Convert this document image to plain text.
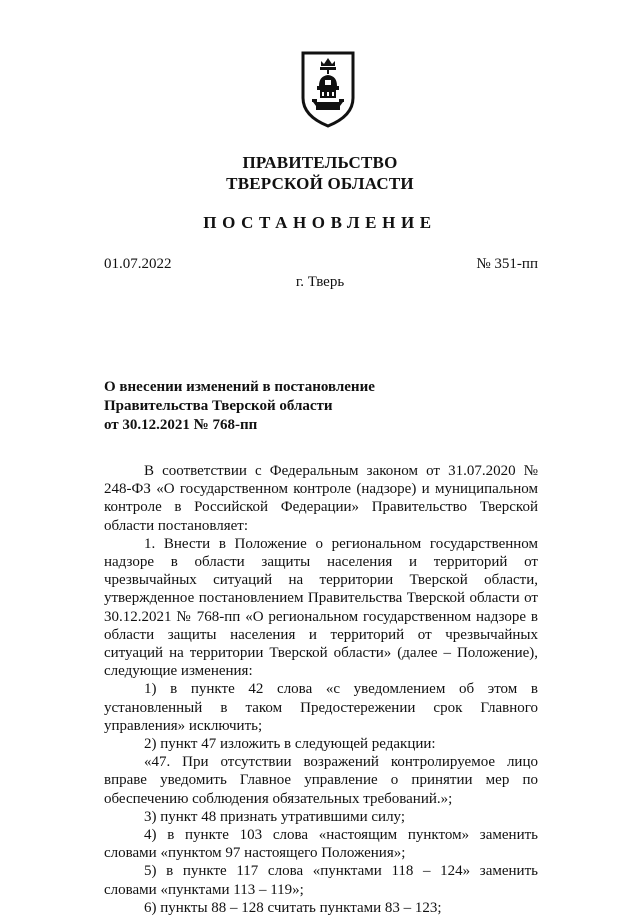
ПРАВИТЕЛЬСТВО
ТВЕРСКОЙ ОБЛАСТИ
ПОСТАНОВЛЕНИЕ
01.07.2022	№ 351-пп
г. Тверь
О внесении изменений в постановление
Правительства Тверской области
от 30.12.2021 № 768-пп

В соответствии с Федеральным законом от 31.07.2020 № 248-ФЗ «О государственном контроле (надзоре) и муниципальном контроле в Российской Федерации» Правительство Тверской области постановляет:

1. Внести в Положение о региональном государственном надзоре в области защиты населения и территорий от чрезвычайных ситуаций на территории Тверской области, утвержденное постановлением Правительства Тверской области от 30.12.2021 № 768-пп «О региональном государственном надзоре в области защиты населения и территорий от чрезвычайных ситуаций на территории Тверской области» (далее – Положение), следующие изменения:

1) в пункте 42 слова «с уведомлением об этом в установленный в таком Предостережении срок Главного управления» исключить;

2) пункт 47 изложить в следующей редакции:

«47. При отсутствии возражений контролируемое лицо вправе уведомить Главное управление о принятии мер по обеспечению соблюдения обязательных требований.»;

3) пункт 48 признать утратившими силу;

4) в пункте 103 слова «настоящим пунктом» заменить словами «пунктом 97 настоящего Положения»;

5) в пункте 117 слова «пунктами 118 – 124» заменить словами «пунктами 113 – 119»;

6) пункты 88 – 128 считать пунктами 83 – 123;
